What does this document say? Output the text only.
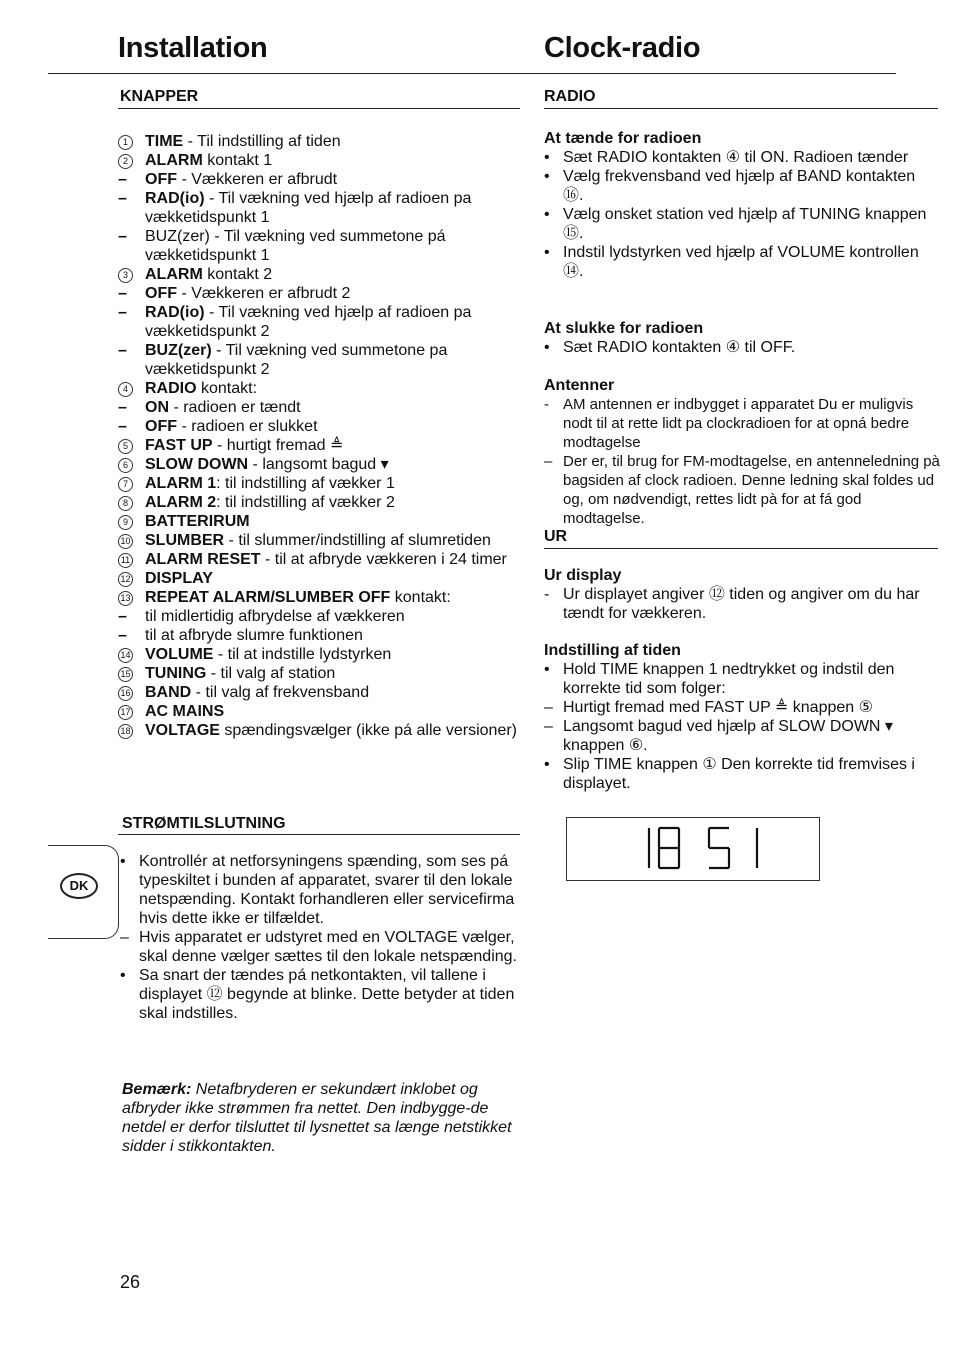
Installation	Clock-radio
KNAPPER
1	TIME - Til indstilling af tiden
2	ALARM kontakt 1
–	OFF - Vækkeren er afbrudt
–	RAD(io) - Til vækning ved hjælp af radioen pa vækketidspunkt 1
–	BUZ(zer) - Til vækning ved summetone pá vækketidspunkt 1
3	ALARM kontakt 2
–	OFF - Vækkeren er afbrudt 2
–	RAD(io) - Til vækning ved hjælp af radioen pa vækketidspunkt 2
–	BUZ(zer) - Til vækning ved summetone pa vækketidspunkt 2
4	RADIO kontakt:
–	ON - radioen er tændt
–	OFF - radioen er slukket
5	FAST UP - hurtigt fremad ≜
6	SLOW DOWN - langsomt bagud ▾
7	ALARM 1: til indstilling af vækker 1
8	ALARM 2: til indstilling af vækker 2
9	BATTERIRUM
10 SLUMBER - til slummer/indstilling af slumretiden
11 ALARM RESET - til at afbryde vækkeren i 24 timer
12 DISPLAY
13 REPEAT ALARM/SLUMBER OFF kontakt:
–	til midlertidig afbrydelse af vækkeren
–	til at afbryde slumre funktionen
14 VOLUME - til at indstille lydstyrken
15 TUNING - til valg af station
16 BAND - til valg af frekvensband
17 AC MAINS
18 VOLTAGE spændingsvælger (ikke pá alle versioner)
STRØMTILSLUTNING
• Kontrollér at netforsyningens spænding, som ses pá typeskiltet i bunden af apparatet, svarer til den lokale netspænding. Kontakt forhandleren eller servicefirma hvis dette ikke er tilfældet.
– Hvis apparatet er udstyret med en VOLTAGE vælger, skal denne vælger sættes til den lokale netspænding.
• Sa snart der tændes pá netkontakten, vil tallene i displayet ⑫ begynde at blinke. Dette betyder at tiden skal indstilles.
Bemærk: Netafbryderen er sekundært inklobet og afbryder ikke strømmen fra nettet. Den indbygge-de netdel er derfor tilsluttet til lysnettet sa længe netstikket sidder i stikkontakten.
DK
26
RADIO

At tænde for radioen

• Sæt RADIO kontakten ④ til ON. Radioen tænder
• Vælg frekvensband ved hjælp af BAND kontakten ⑯.
• Vælg onsket station ved hjælp af TUNING knappen ⑮.
• Indstil lydstyrken ved hjælp af VOLUME kontrollen ⑭.

At slukke for radioen

• Sæt RADIO kontakten ④ til OFF.

Antenner

- AM antennen er indbygget i apparatet Du er muligvis nodt til at rette lidt pa clockradioen for at opná bedre modtagelse
– Der er, til brug for FM-modtagelse, en antenneledning pà bagsiden af clock radioen. Denne ledning skal foldes ud og, om nødvendigt, rettes lidt pà for at fá god modtagelse.
UR

Ur display

- Ur displayet angiver ⑫ tiden og angiver om du har tændt for vækkeren.

Indstilling af tiden

• Hold TIME knappen 1 nedtrykket og indstil den korrekte tid som folger:
– Hurtigt fremad med FAST UP ≜ knappen ⑤
– Langsomt bagud ved hjælp af SLOW DOWN ▾ knappen ⑥.
• Slip TIME knappen ① Den korrekte tid fremvises i displayet.
18 5 1
